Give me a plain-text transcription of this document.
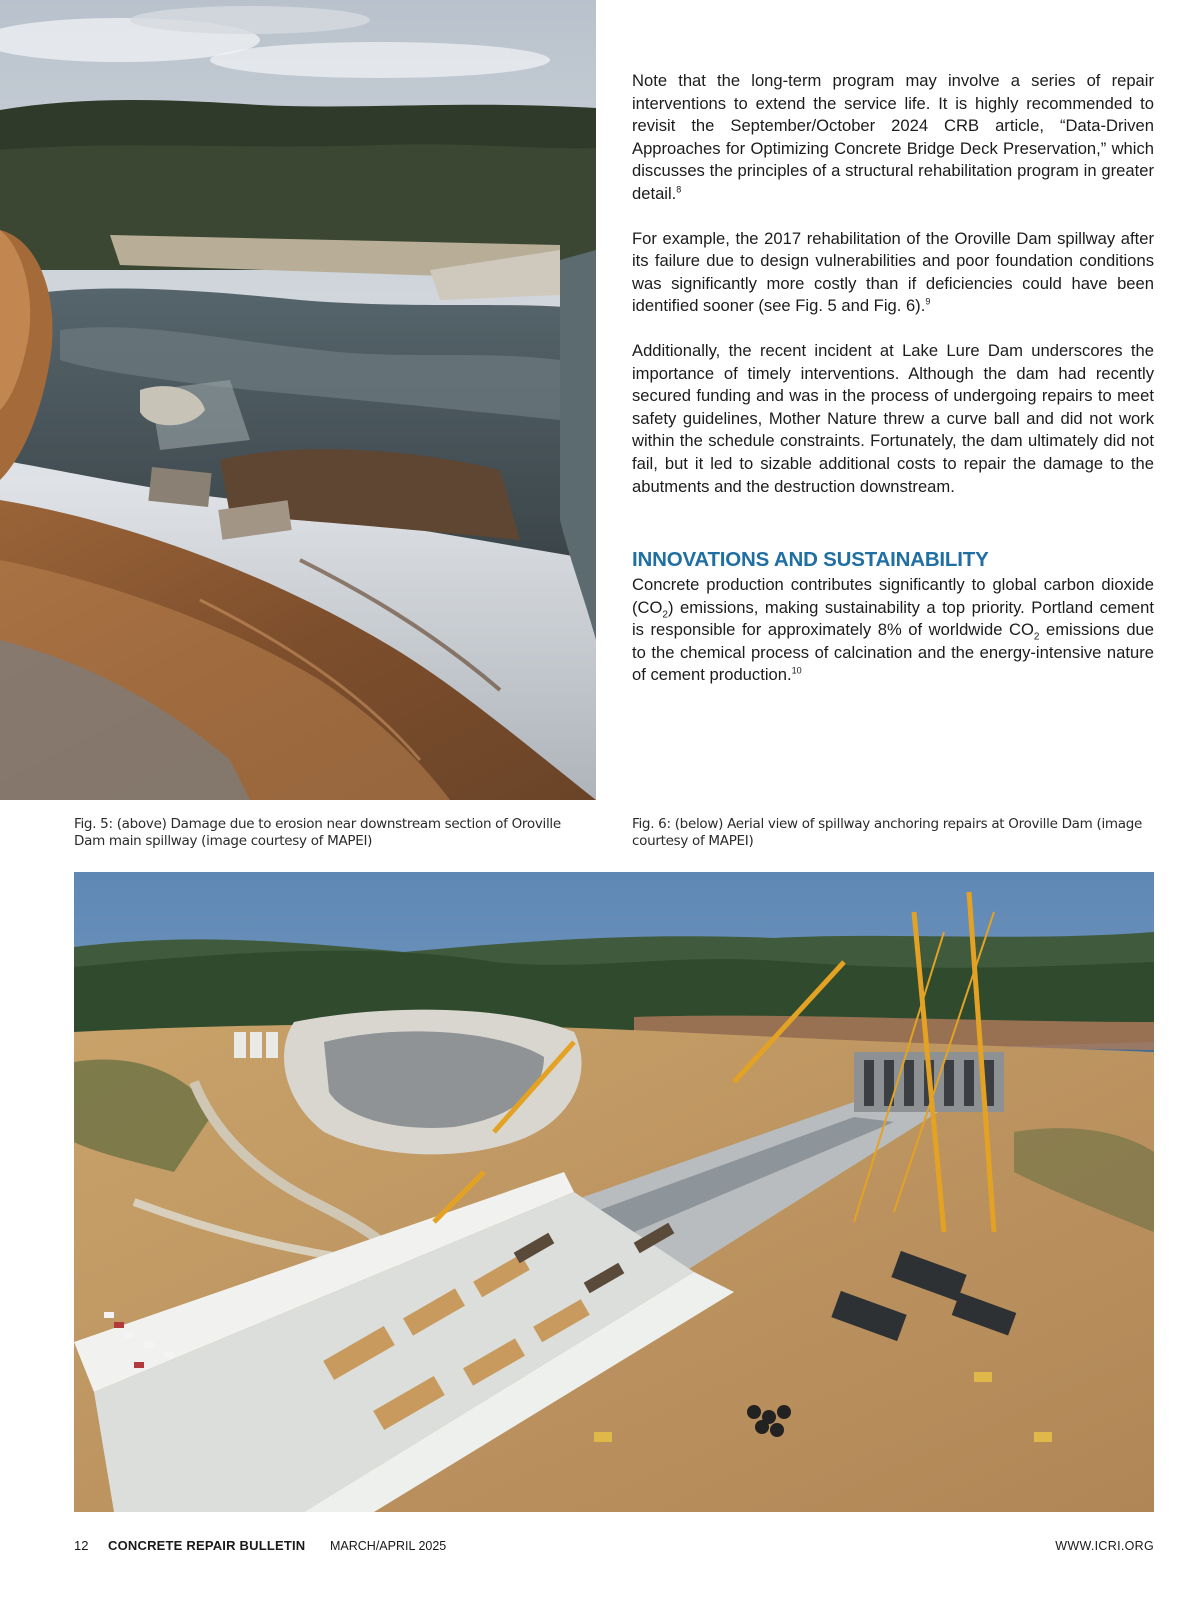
Note that the long-term program may involve a series of repair interventions to extend the service life. It is highly recommended to revisit the September/October 2024 CRB article, “Data-Driven Approaches for Optimizing Concrete Bridge Deck Preservation,” which discusses the principles of a structural rehabilitation program in greater detail.$^8$

For example, the 2017 rehabilitation of the Oroville Dam spillway after its failure due to design vulnerabilities and poor foundation conditions was significantly more costly than if deficiencies could have been identified sooner (see Fig. 5 and Fig. 6).$^9$

Additionally, the recent incident at Lake Lure Dam underscores the importance of timely interventions. Although the dam had recently secured funding and was in the process of undergoing repairs to meet safety guidelines, Mother Nature threw a curve ball and did not work within the schedule constraints. Fortunately, the dam ultimately did not fail, but it led to sizable additional costs to repair the damage to the abutments and the destruction downstream.

INNOVATIONS AND SUSTAINABILITY

Concrete production contributes significantly to global carbon dioxide $(CO_2)$ emissions, making sustainability a top priority. Portland cement is responsible for approximately 8% of worldwide $CO_2$ emissions due to the chemical process of calcination and the energy-intensive nature of cement production.$^{10}$

Fig. 5: (above) Damage due to erosion near downstream section of Oroville Dam main spillway (image courtesy of MAPEI)
Fig. 6: (below) Aerial view of spillway anchoring repairs at Oroville Dam (image courtesy of MAPEI)
12 CONCRETE REPAIR BULLETIN MARCH/APRIL 2025	WWW.ICRI.ORG
